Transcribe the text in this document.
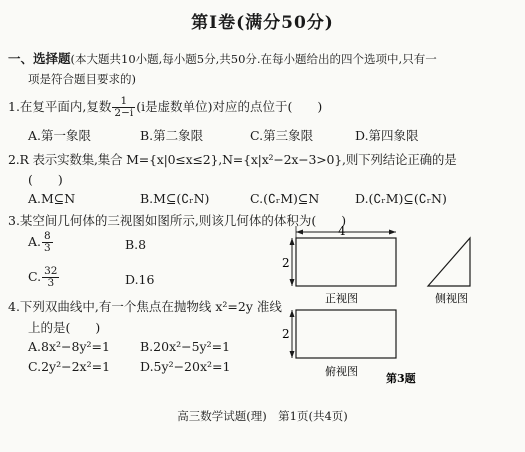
第Ⅰ卷(满分50分)
一、选择题(本大题共10小题,每小题5分,共50分.在每小题给出的四个选项中,只有一
项是符合题目要求的)
1.在复平面内,复数 $\frac{1}{2-i} (i$是虚数单位)对应的点位于(　　)
A.第一象限	B.第二象限	C.第三象限	D.第四象限
2.R 表示实数集,集合 M={x|0≤x≤2},N={x|x²−2x−3>0},则下列结论正确的是
(　　)
A.M⊆N	B.M⊆(∁ᵣN)	C.(∁ᵣM)⊆N	D.(∁ᵣM)⊆(∁ᵣN)
3.某空间几何体的三视图如图所示,则该几何体的体积为(　　)
A. $\frac{8}{3}$	B.8
C. $\frac{32}{3}$	D.16
4.下列双曲线中,有一个焦点在抛物线 x²=2y 准线
上的是(　　)
A.8x²−8y²=1 B.20x²−5y²=1
C.2y²−2x²=1 D.5y²−20x²=1
4
2
正视图	侧视图
2
俯视图
第3题
高三数学试题(理)　第1页(共4页)
